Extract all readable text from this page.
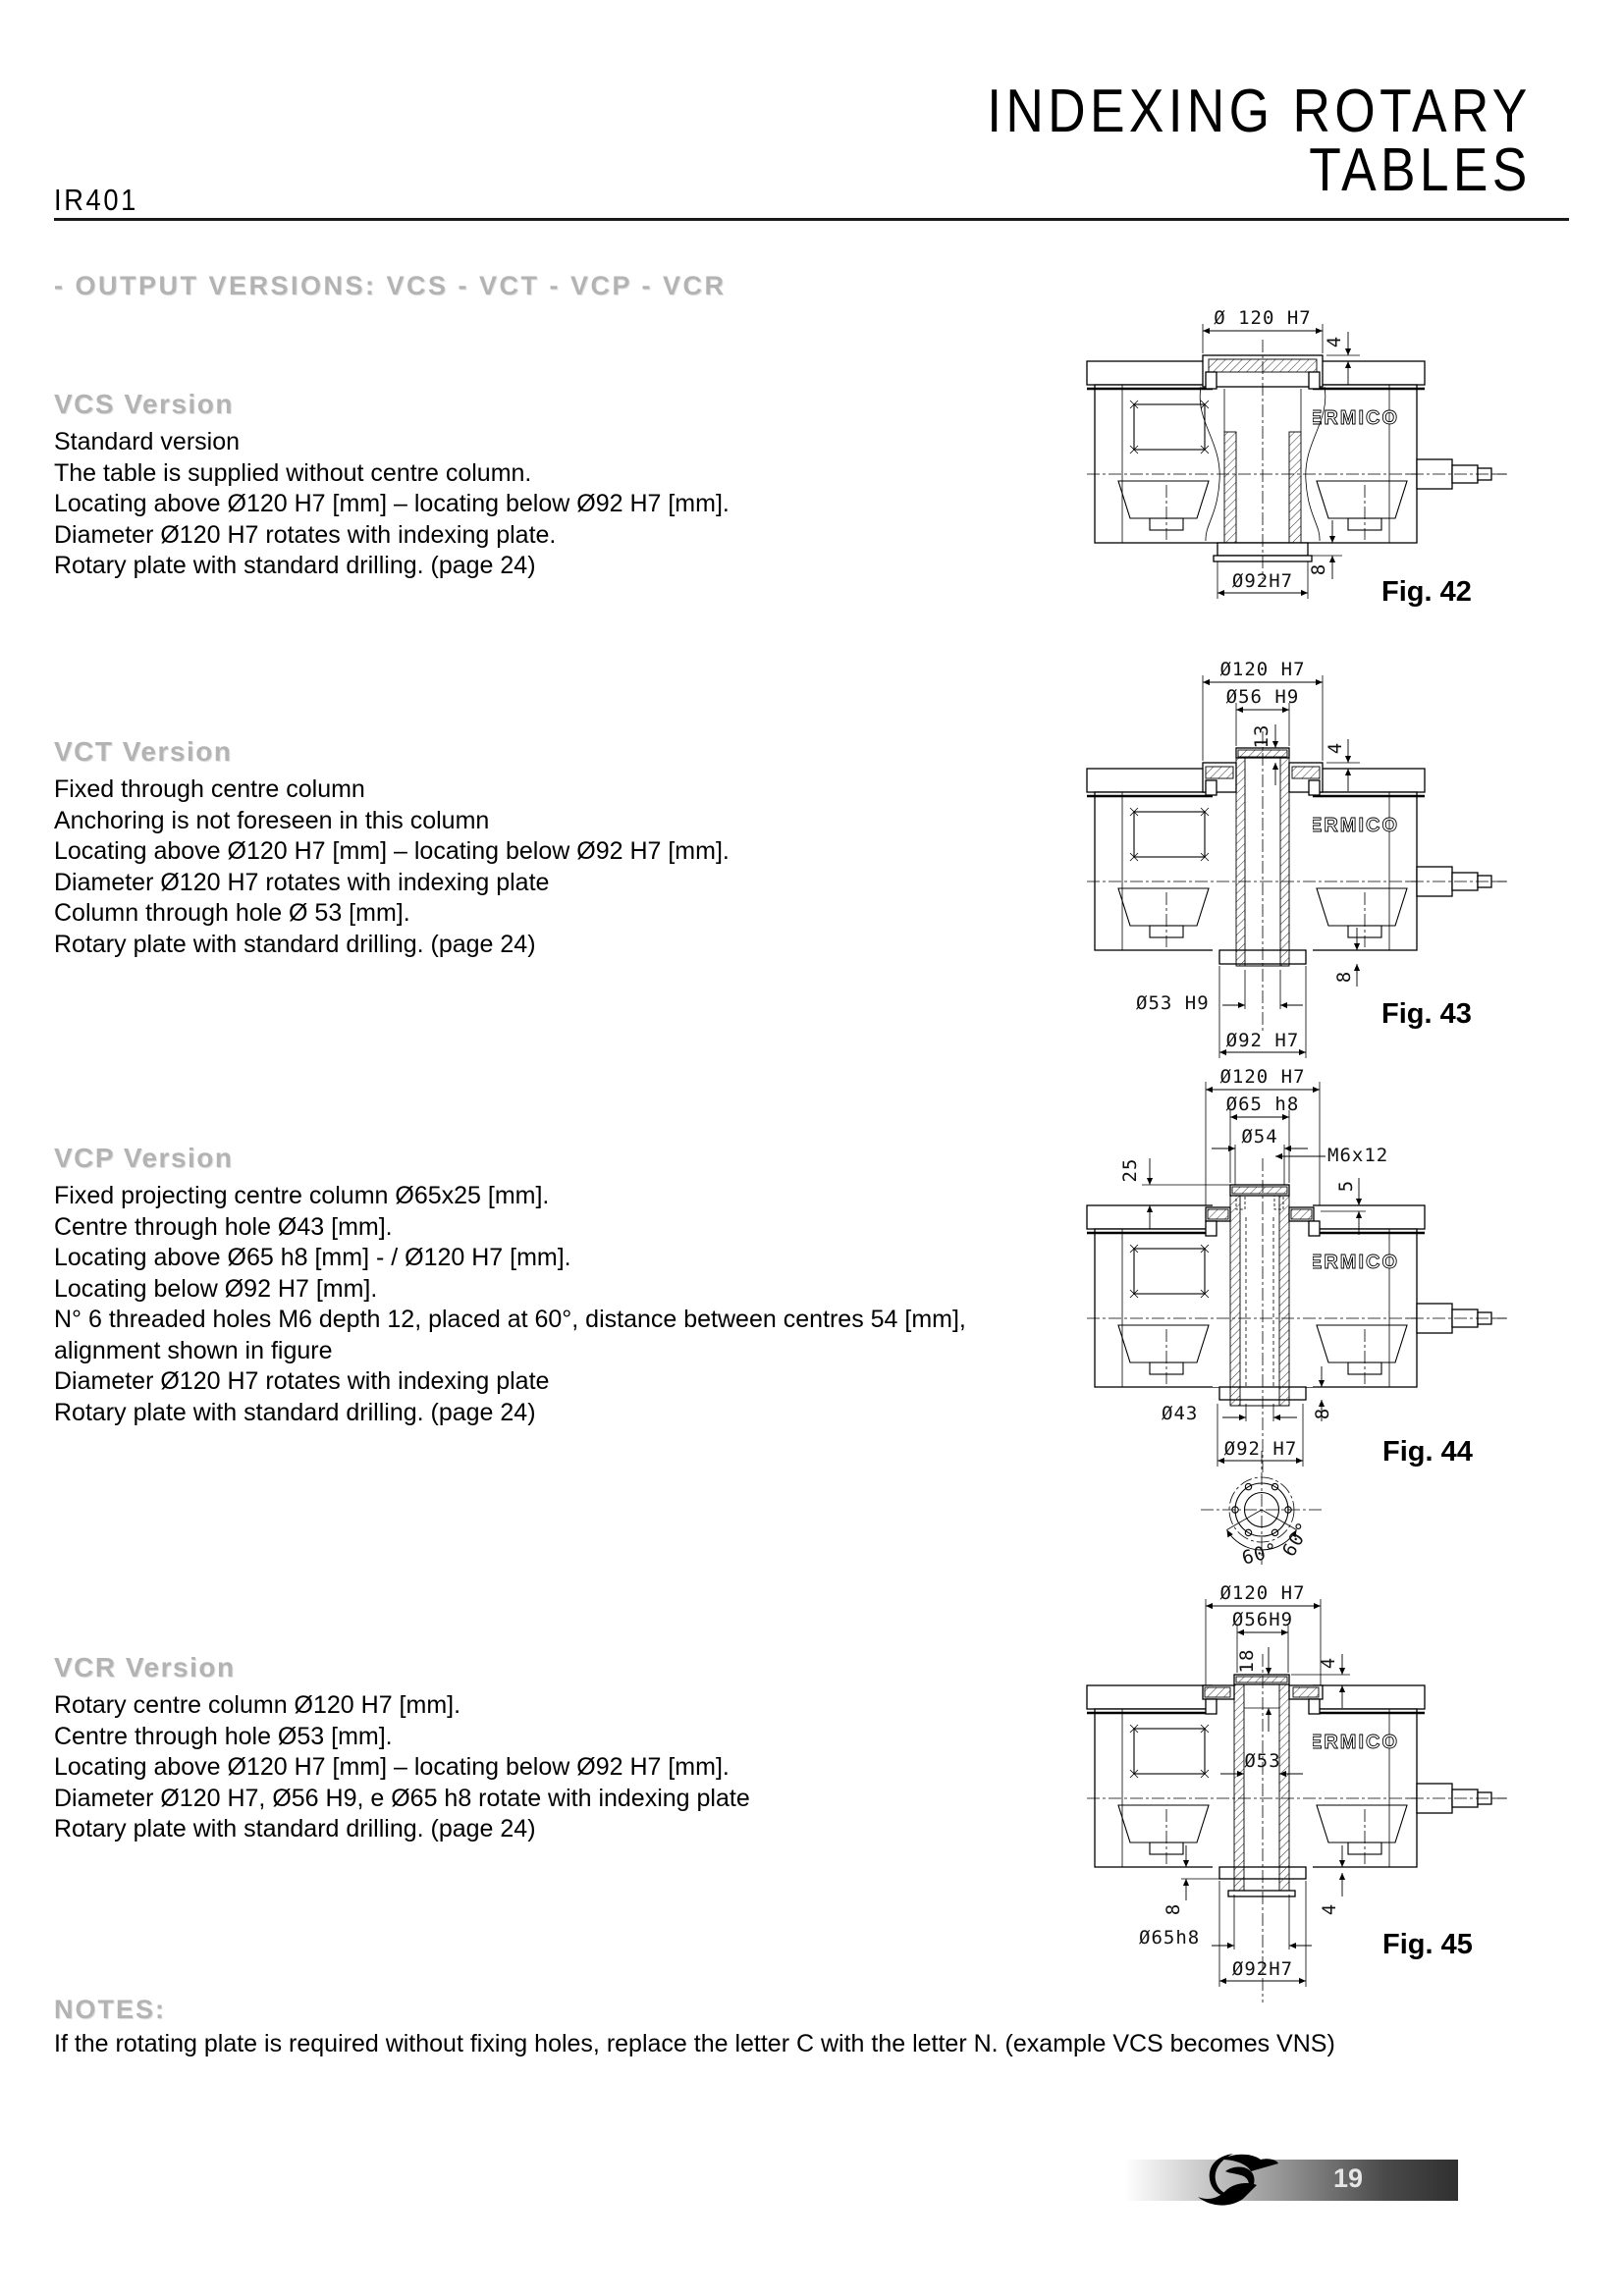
IR401
INDEXING ROTARY
TABLES
- OUTPUT VERSIONS: VCS - VCT - VCP - VCR
VCS Version
Standard version
The table is supplied without centre column.
Locating above Ø120 H7 [mm] – locating below Ø92 H7 [mm].
Diameter Ø120 H7 rotates with indexing plate.
Rotary plate with standard drilling. (page 24)
VCT Version
Fixed through centre column
Anchoring is not foreseen in this column
Locating above Ø120 H7 [mm] – locating below Ø92 H7 [mm].
Diameter Ø120 H7 rotates with indexing plate
Column through hole Ø 53 [mm].
Rotary plate with standard drilling. (page 24)
VCP Version
Fixed projecting centre column Ø65x25 [mm].
Centre through hole Ø43 [mm].
Locating above Ø65 h8 [mm] - / Ø120 H7 [mm].
Locating below Ø92 H7 [mm].
N° 6 threaded holes M6 depth 12, placed at 60°, distance between centres 54 [mm],
alignment shown in figure
Diameter Ø120 H7 rotates with indexing plate
Rotary plate with standard drilling. (page 24)
VCR Version
Rotary centre column Ø120 H7 [mm].
Centre through hole Ø53 [mm].
Locating above Ø120 H7 [mm] – locating below Ø92 H7 [mm].
Diameter Ø120 H7, Ø56 H9, e Ø65 h8 rotate with indexing plate
Rotary plate with standard drilling. (page 24)
NOTES:
If the rotating plate is required without fixing holes, replace the letter C with the letter N. (example VCS becomes VNS)
Ø 120 H7
4
Ø92H7
8
Fig. 42
Ø120 H7
Ø56 H9
13	4
Ø53 H9
8
Ø92 H7
Fig. 43
Ø120 H7
Ø65 h8
Ø54
M6x12
25
5
Ø43	8
Ø92 H7	Fig. 44
60°
60°
Ø120 H7
Ø56H9
18	4
Ø53
8	4
Ø65h8
Ø92H7
Fig. 45
19
